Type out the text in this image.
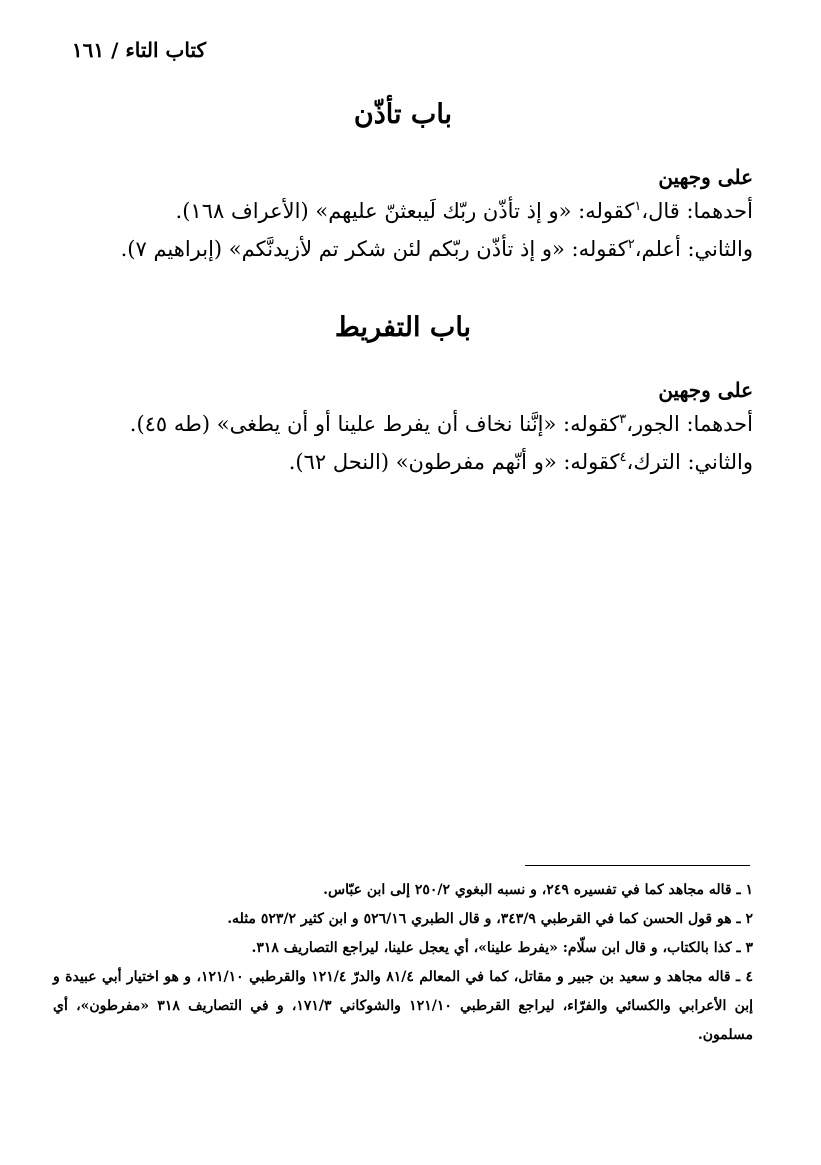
كتاب التاء / ١٦١
باب تأذّن

على وجهين

أحدهما: قال،$^١$كقوله: «و إذ تأذّن ربّك لَيبعثنّ عليهم» (الأعراف ١٦٨).

والثاني: أعلم،$^٢$كقوله: «و إذ تأذّن ربّكم لئن شكر تم لأزيدنَّكم» (إبراهيم ٧).

باب التفريط

على وجهين

أحدهما: الجور،$^٣$كقوله: «إنَّنا نخاف أن يفرط علينا أو أن يطغى» (طه ٤٥).

والثاني: الترك،$^٤$كقوله: «و أنّهم مفرطون» (النحل ٦٢).

١ ـ قاله مجاهد كما في تفسيره ٢٤٩، و نسبه البغوي ٢٥٠/٢ إلى ابن عبّاس.

٢ ـ هو قول الحسن كما في القرطبي ٣٤٣/٩، و قال الطبري ٥٢٦/١٦ و ابن كثير ٥٢٣/٢ مثله.

٣ ـ كذا بالكتاب، و قال ابن سلّام: «يفرط علينا»، أي يعجل علينا، ليراجع التصاريف ٣١٨.

٤ ـ قاله مجاهد و سعيد بن جبير و مقاتل، كما في المعالم ٨١/٤ والدرّ ١٢١/٤ والقرطبي ١٢١/١٠، و هو اختيار أبي عبيدة و إبن الأعرابي والكسائي والفرّاء، ليراجع القرطبي ١٢١/١٠ والشوكاني ١٧١/٣، و في التصاريف ٣١٨ «مفرطون»، أي مسلمون.
